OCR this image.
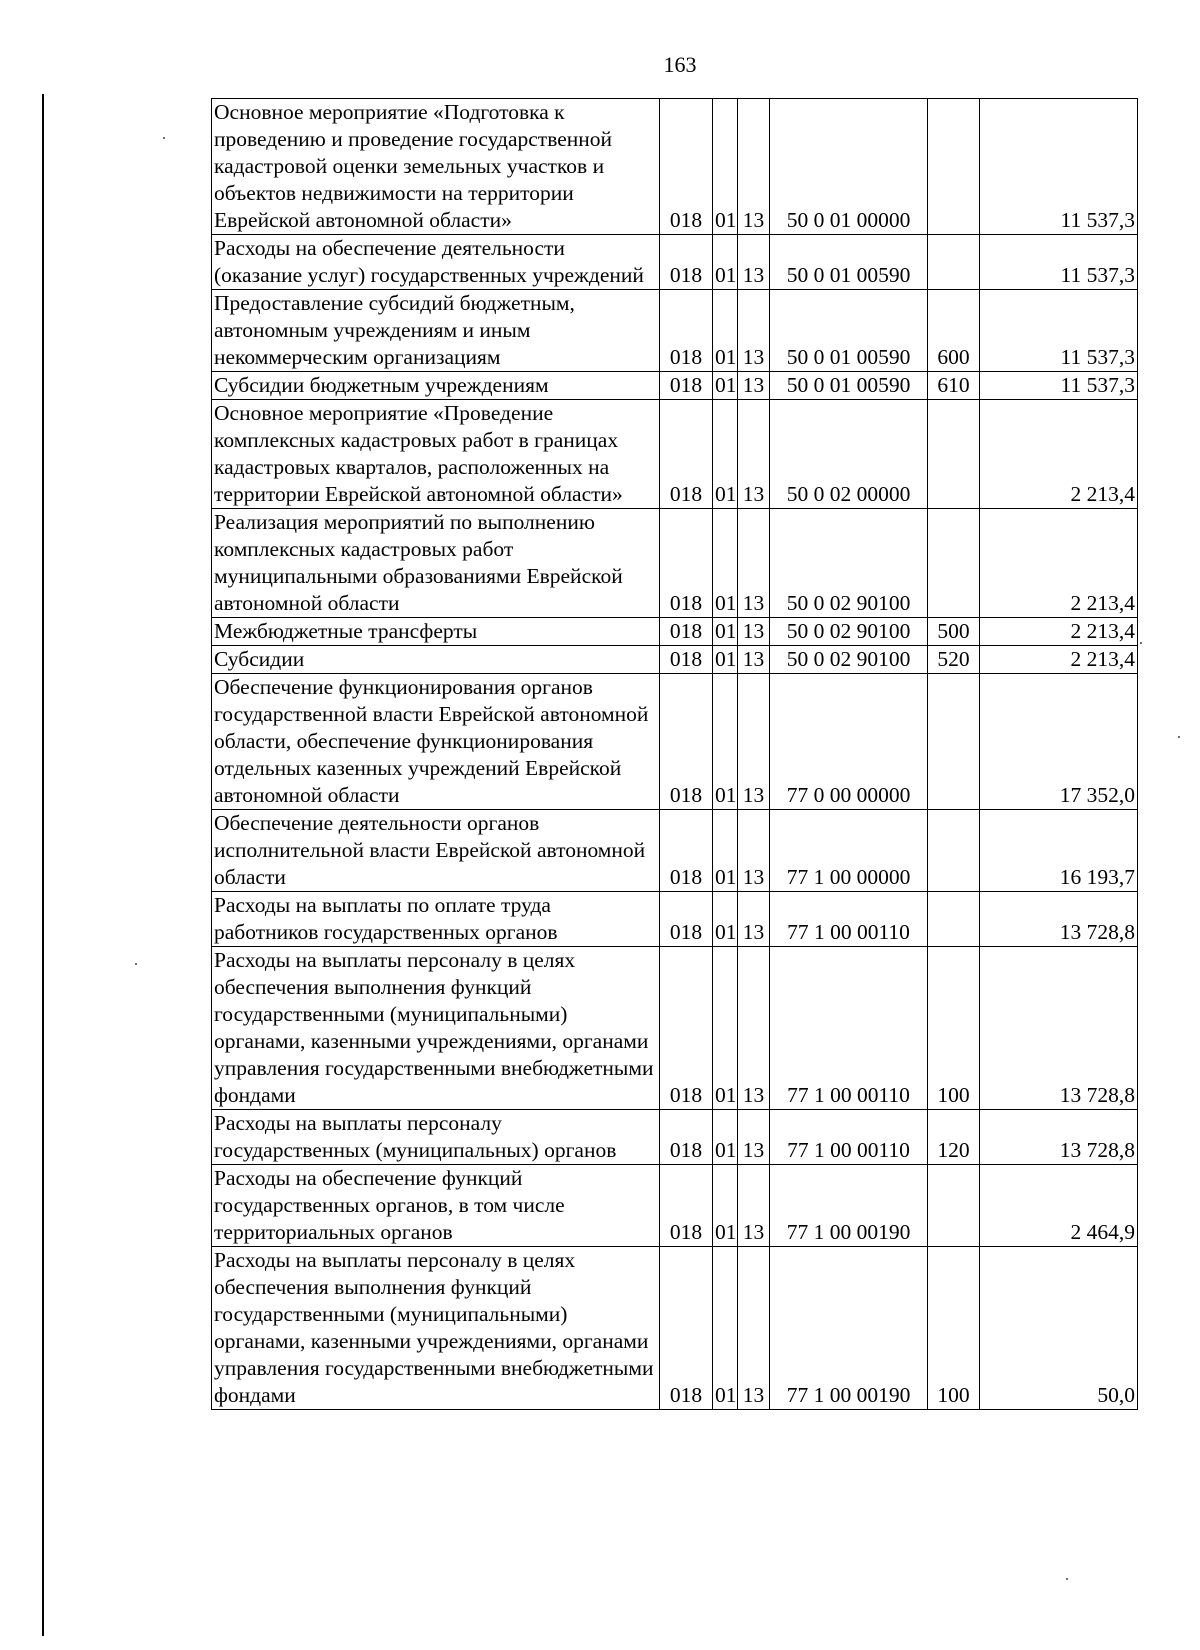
163
Основное мероприятие «Подготовка к проведению и проведение государственной кадастровой оценки земельных участков и объектов недвижимости на территории Еврейской автономной области»	018	01	13	50 0 01 00000		11 537,3
Расходы на обеспечение деятельности (оказание услуг) государственных учреждений	018	01	13	50 0 01 00590		11 537,3
Предоставление субсидий бюджетным, автономным учреждениям и иным некоммерческим организациям	018	01	13	50 0 01 00590	600	11 537,3
Субсидии бюджетным учреждениям	018	01	13	50 0 01 00590	610	11 537,3
Основное мероприятие «Проведение комплексных кадастровых работ в границах кадастровых кварталов, расположенных на территории Еврейской автономной области»	018	01	13	50 0 02 00000		2 213,4
Реализация мероприятий по выполнению комплексных кадастровых работ муниципальными образованиями Еврейской автономной области	018	01	13	50 0 02 90100		2 213,4
Межбюджетные трансферты	018	01	13	50 0 02 90100	500	2 213,4
Субсидии	018	01	13	50 0 02 90100	520	2 213,4
Обеспечение функционирования органов государственной власти Еврейской автономной области, обеспечение функционирования отдельных казенных учреждений Еврейской автономной области	018	01	13	77 0 00 00000		17 352,0
Обеспечение деятельности органов исполнительной власти Еврейской автономной области	018	01	13	77 1 00 00000		16 193,7
Расходы на выплаты по оплате труда работников государственных органов	018	01	13	77 1 00 00110		13 728,8
Расходы на выплаты персоналу в целях обеспечения выполнения функций государственными (муниципальными) органами, казенными учреждениями, органами управления государственными внебюджетными фондами	018	01	13	77 1 00 00110	100	13 728,8
Расходы на выплаты персоналу государственных (муниципальных) органов	018	01	13	77 1 00 00110	120	13 728,8
Расходы на обеспечение функций государственных органов, в том числе территориальных органов	018	01	13	77 1 00 00190		2 464,9
Расходы на выплаты персоналу в целях обеспечения выполнения функций государственными (муниципальными) органами, казенными учреждениями, органами управления государственными внебюджетными фондами	018	01	13	77 1 00 00190	100	50,0
